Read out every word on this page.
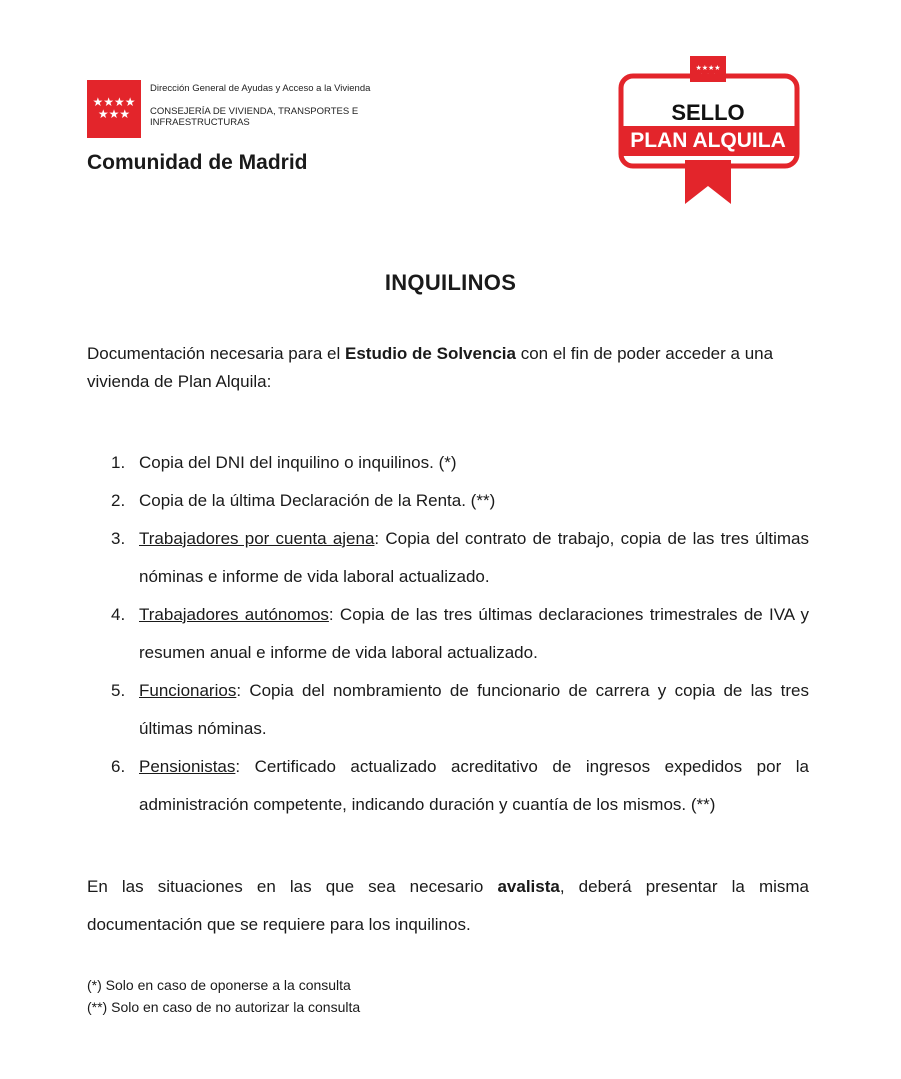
★★★★
★★★
Dirección General de Ayudas y Acceso a la Vivienda
CONSEJERÍA DE VIVIENDA, TRANSPORTES E INFRAESTRUCTURAS
Comunidad de Madrid
★★★★
★★★
SELLO
PLAN ALQUILA
INQUILINOS
Documentación necesaria para el Estudio de Solvencia con el fin de poder acceder a una vivienda de Plan Alquila:
1. Copia del DNI del inquilino o inquilinos. (*)
2. Copia de la última Declaración de la Renta. (**)
3. Trabajadores por cuenta ajena: Copia del contrato de trabajo, copia de las tres últimas nóminas e informe de vida laboral actualizado.
4. Trabajadores autónomos: Copia de las tres últimas declaraciones trimestrales de IVA y resumen anual e informe de vida laboral actualizado.
5. Funcionarios: Copia del nombramiento de funcionario de carrera y copia de las tres últimas nóminas.
6. Pensionistas: Certificado actualizado acreditativo de ingresos expedidos por la administración competente, indicando duración y cuantía de los mismos. (**)
En las situaciones en las que sea necesario avalista, deberá presentar la misma documentación que se requiere para los inquilinos.
(*) Solo en caso de oponerse a la consulta
(**) Solo en caso de no autorizar la consulta
